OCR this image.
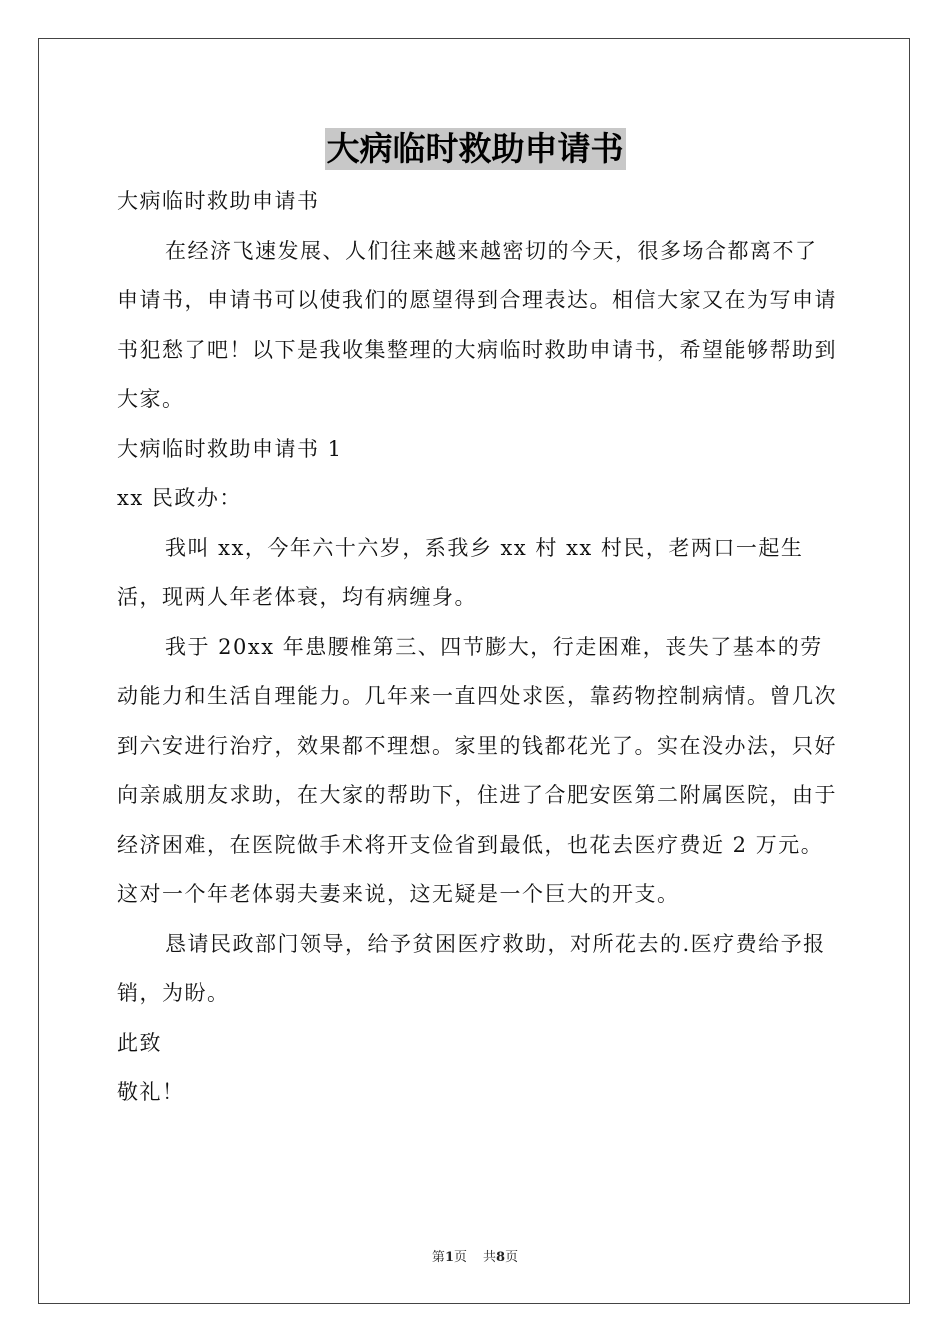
大病临时救助申请书

大病临时救助申请书

在经济飞速发展、人们往来越来越密切的今天，很多场合都离不了申请书，申请书可以使我们的愿望得到合理表达。相信大家又在为写申请书犯愁了吧！以下是我收集整理的大病临时救助申请书，希望能够帮助到大家。

大病临时救助申请书 1

xx 民政办：

我叫 xx，今年六十六岁，系我乡 xx 村 xx 村民，老两口一起生活，现两人年老体衰，均有病缠身。

我于 20xx 年患腰椎第三、四节膨大，行走困难，丧失了基本的劳动能力和生活自理能力。几年来一直四处求医，靠药物控制病情。曾几次到六安进行治疗，效果都不理想。家里的钱都花光了。实在没办法，只好向亲戚朋友求助，在大家的帮助下，住进了合肥安医第二附属医院，由于经济困难，在医院做手术将开支俭省到最低，也花去医疗费近 2 万元。这对一个年老体弱夫妻来说，这无疑是一个巨大的开支。

恳请民政部门领导，给予贫困医疗救助，对所花去的.医疗费给予报销，为盼。

此致

敬礼！

第1页 共8页
